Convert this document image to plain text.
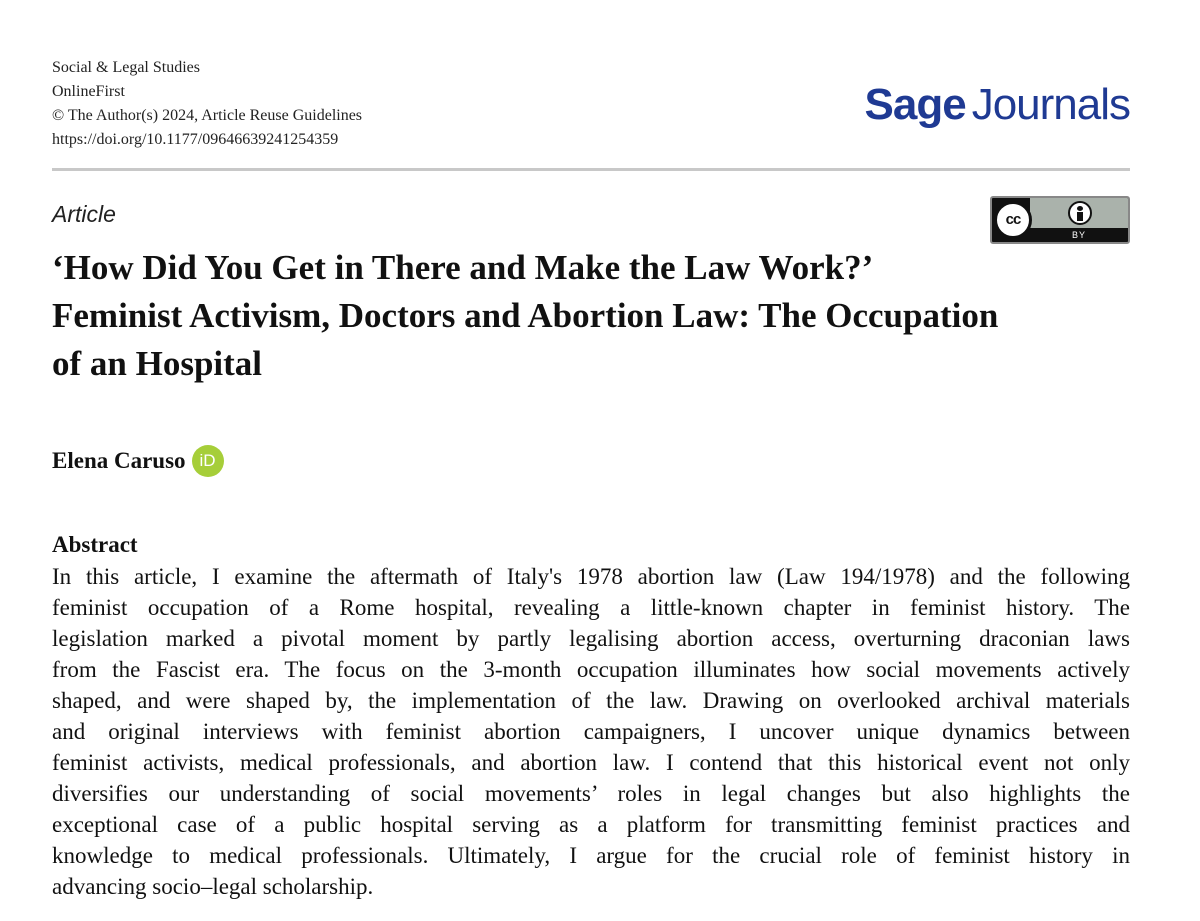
Social & Legal Studies
OnlineFirst
© The Author(s) 2024, Article Reuse Guidelines
https://doi.org/10.1177/09646639241254359
Sage Journals
Article	cc
BY
‘How Did You Get in There and Make the Law Work?’
Feminist Activism, Doctors and Abortion Law: The Occupation
of an Hospital
Elena Caruso iD
Abstract
In this article, I examine the aftermath of Italy's 1978 abortion law (Law 194/1978) and the following
feminist occupation of a Rome hospital, revealing a little-known chapter in feminist history. The
legislation marked a pivotal moment by partly legalising abortion access, overturning draconian laws
from the Fascist era. The focus on the 3-month occupation illuminates how social movements actively
shaped, and were shaped by, the implementation of the law. Drawing on overlooked archival materials
and original interviews with feminist abortion campaigners, I uncover unique dynamics between
feminist activists, medical professionals, and abortion law. I contend that this historical event not only
diversifies our understanding of social movements’ roles in legal changes but also highlights the
exceptional case of a public hospital serving as a platform for transmitting feminist practices and
knowledge to medical professionals. Ultimately, I argue for the crucial role of feminist history in
advancing socio–legal scholarship.
